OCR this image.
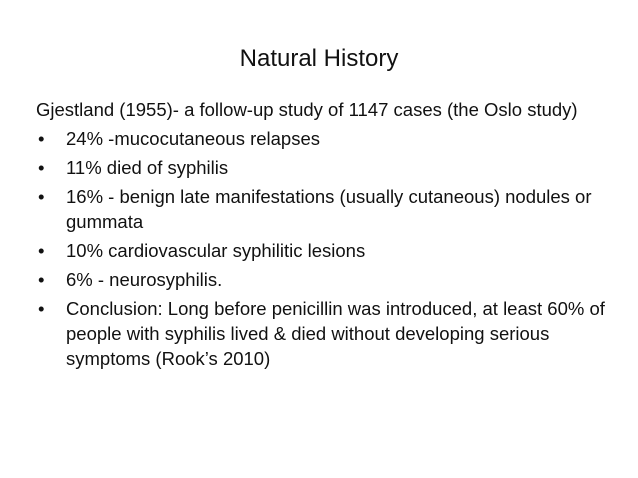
Natural History

Gjestland (1955)- a follow-up study of 1147 cases (the Oslo study)

•	24% -mucocutaneous relapses
•	11% died of syphilis
•	16% - benign late manifestations (usually cutaneous) nodules or gummata
•	10% cardiovascular syphilitic lesions
•	6% - neurosyphilis.
•	Conclusion: Long before penicillin was introduced, at least 60% of people with syphilis lived & died without developing serious symptoms (Rook’s 2010)
